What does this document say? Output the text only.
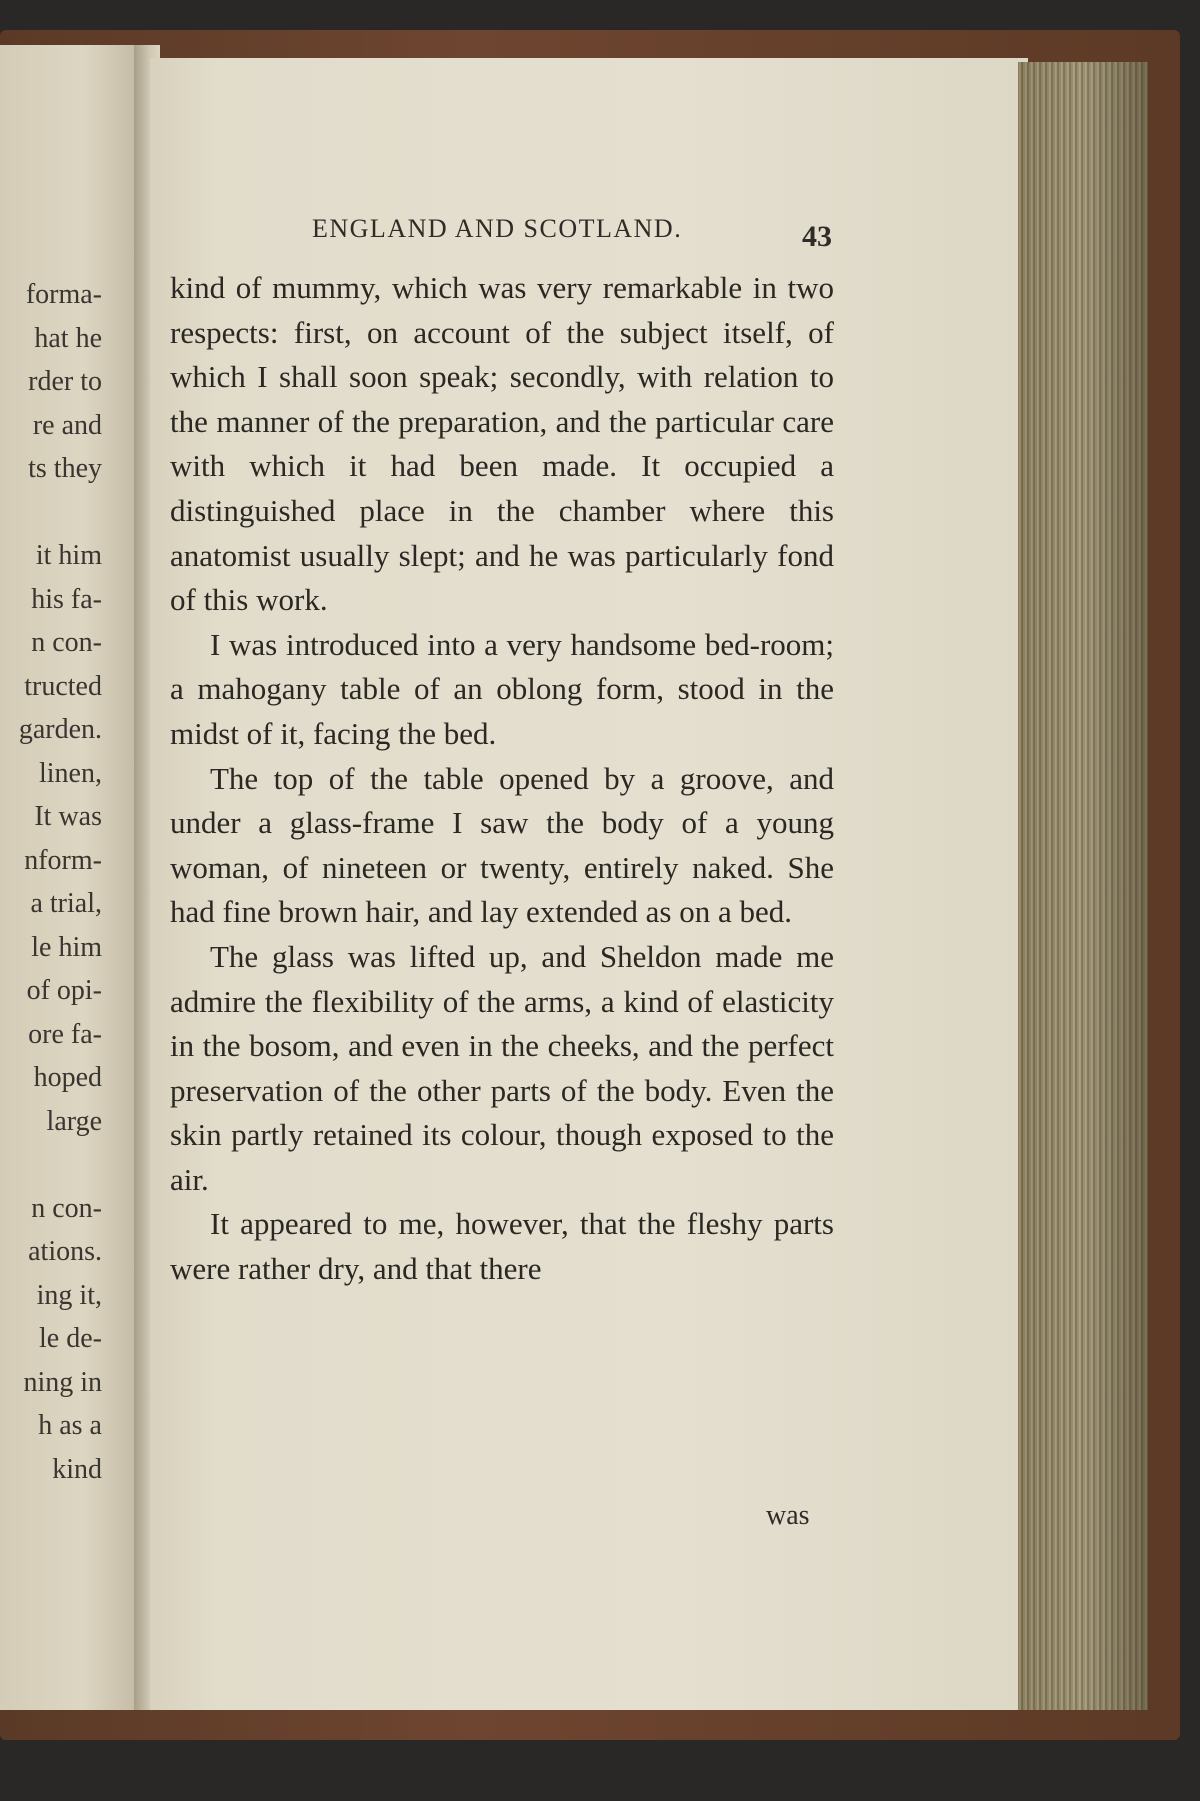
forma-
hat he
rder to
re and
ts they

it him
his fa-
n con-
tructed
garden.
linen,
It was
nform-
a trial,
le him
of opi-
ore fa-
hoped
large

n con-
ations.
ing it,
le de-
ning in
h as a
kind
ENGLAND AND SCOTLAND.	43

kind of mummy, which was very remarkable in two respects: first, on account of the subject itself, of which I shall soon speak; secondly, with relation to the manner of the preparation, and the particular care with which it had been made. It occupied a distinguished place in the chamber where this anatomist usually slept; and he was particularly fond of this work.

I was introduced into a very handsome bed-room; a mahogany table of an oblong form, stood in the midst of it, facing the bed.

The top of the table opened by a groove, and under a glass-frame I saw the body of a young woman, of nineteen or twenty, entirely naked. She had fine brown hair, and lay extended as on a bed.

The glass was lifted up, and Sheldon made me admire the flexibility of the arms, a kind of elasticity in the bosom, and even in the cheeks, and the perfect preservation of the other parts of the body. Even the skin partly retained its colour, though exposed to the air.

It appeared to me, however, that the fleshy parts were rather dry, and that there

was
